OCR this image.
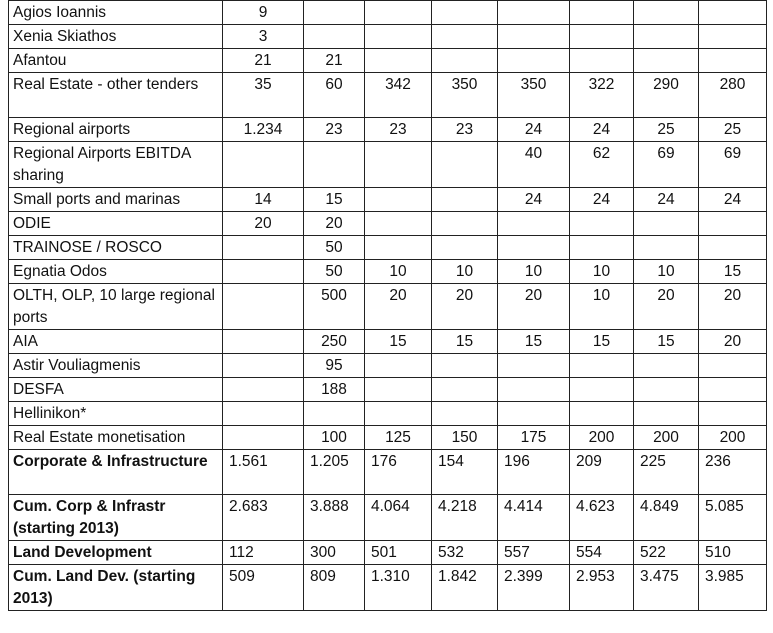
Agios Ioannis	9							
Xenia Skiathos	3							
Afantou	21	21						
Real Estate - other tenders	35	60	342	350	350	322	290	280
Regional airports	1.234	23	23	23	24	24	25	25
Regional Airports EBITDA sharing					40	62	69	69
Small ports and marinas	14	15			24	24	24	24
ODIE	20	20						
TRAINOSE / ROSCO		50						
Egnatia Odos		50	10	10	10	10	10	15
OLTH, OLP, 10 large regional ports		500	20	20	20	10	20	20
AIA		250	15	15	15	15	15	20
Astir Vouliagmenis		95						
DESFA		188						
Hellinikon*								
Real Estate monetisation		100	125	150	175	200	200	200
Corporate & Infrastructure	1.561	1.205	176	154	196	209	225	236
Cum. Corp & Infrastr (starting 2013)	2.683	3.888	4.064	4.218	4.414	4.623	4.849	5.085
Land Development	112	300	501	532	557	554	522	510
Cum. Land Dev. (starting 2013)	509	809	1.310	1.842	2.399	2.953	3.475	3.985
